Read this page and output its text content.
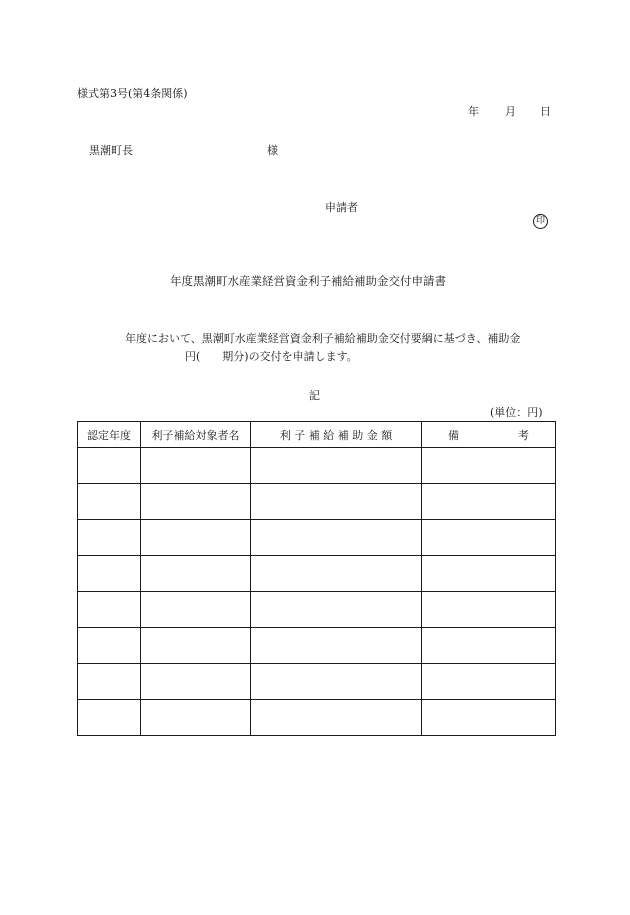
様式第3号(第4条関係)
年 月 日
黒潮町長	様
申請者
印
年度黒潮町水産業経営資金利子補給補助金交付申請書
年度において、黒潮町水産業経営資金利子補給補助金交付要綱に基づき、補助金
円(　　期分)の交付を申請します。
記
(単位：円)
認定年度	利子補給対象者名	利 子 補 給 補 助 金 額	備 考
